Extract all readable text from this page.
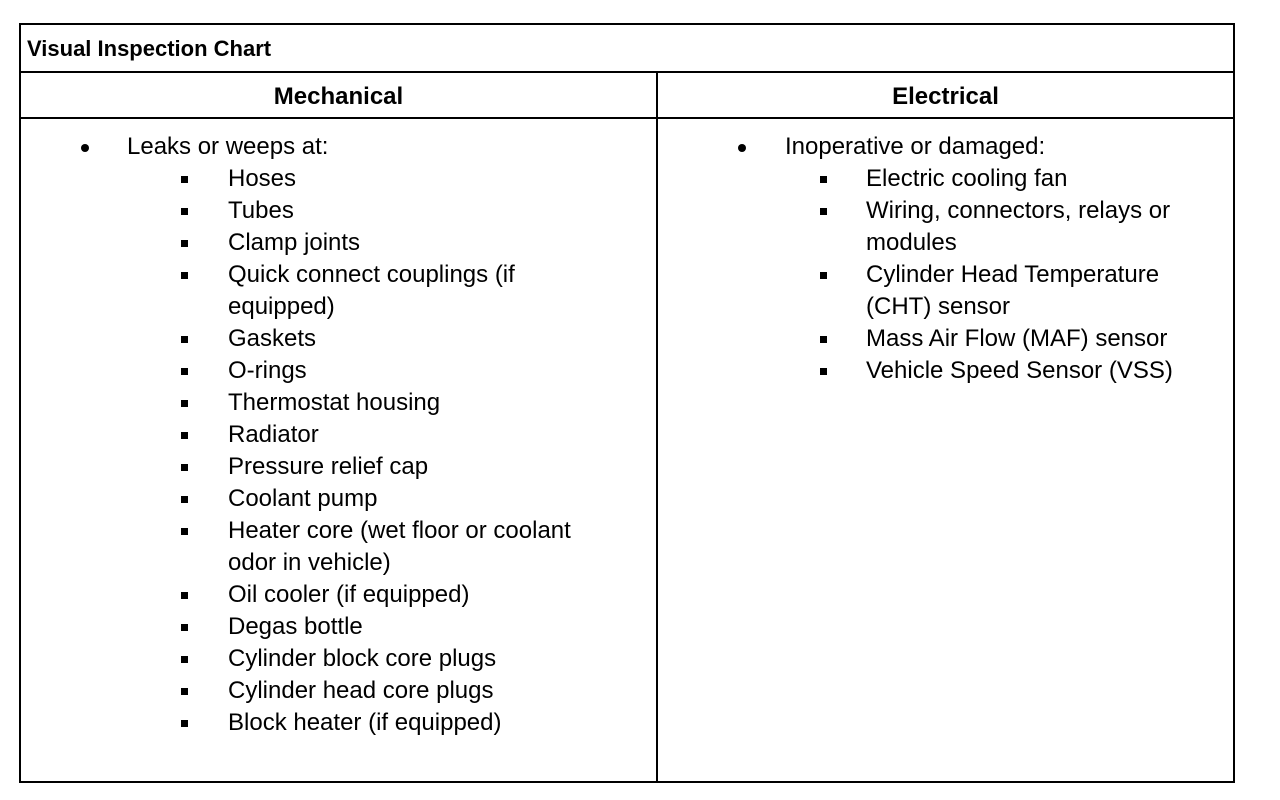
Visual Inspection Chart
Mechanical	Electrical
Leaks or weeps at:
Hoses
Tubes
Clamp joints
Quick connect couplings (if
equipped)
Gaskets
O-rings
Thermostat housing
Radiator
Pressure relief cap
Coolant pump
Heater core (wet floor or coolant
odor in vehicle)
Oil cooler (if equipped)
Degas bottle
Cylinder block core plugs
Cylinder head core plugs
Block heater (if equipped)
Inoperative or damaged:
Electric cooling fan
Wiring, connectors, relays or
modules
Cylinder Head Temperature
(CHT) sensor
Mass Air Flow (MAF) sensor
Vehicle Speed Sensor (VSS)
